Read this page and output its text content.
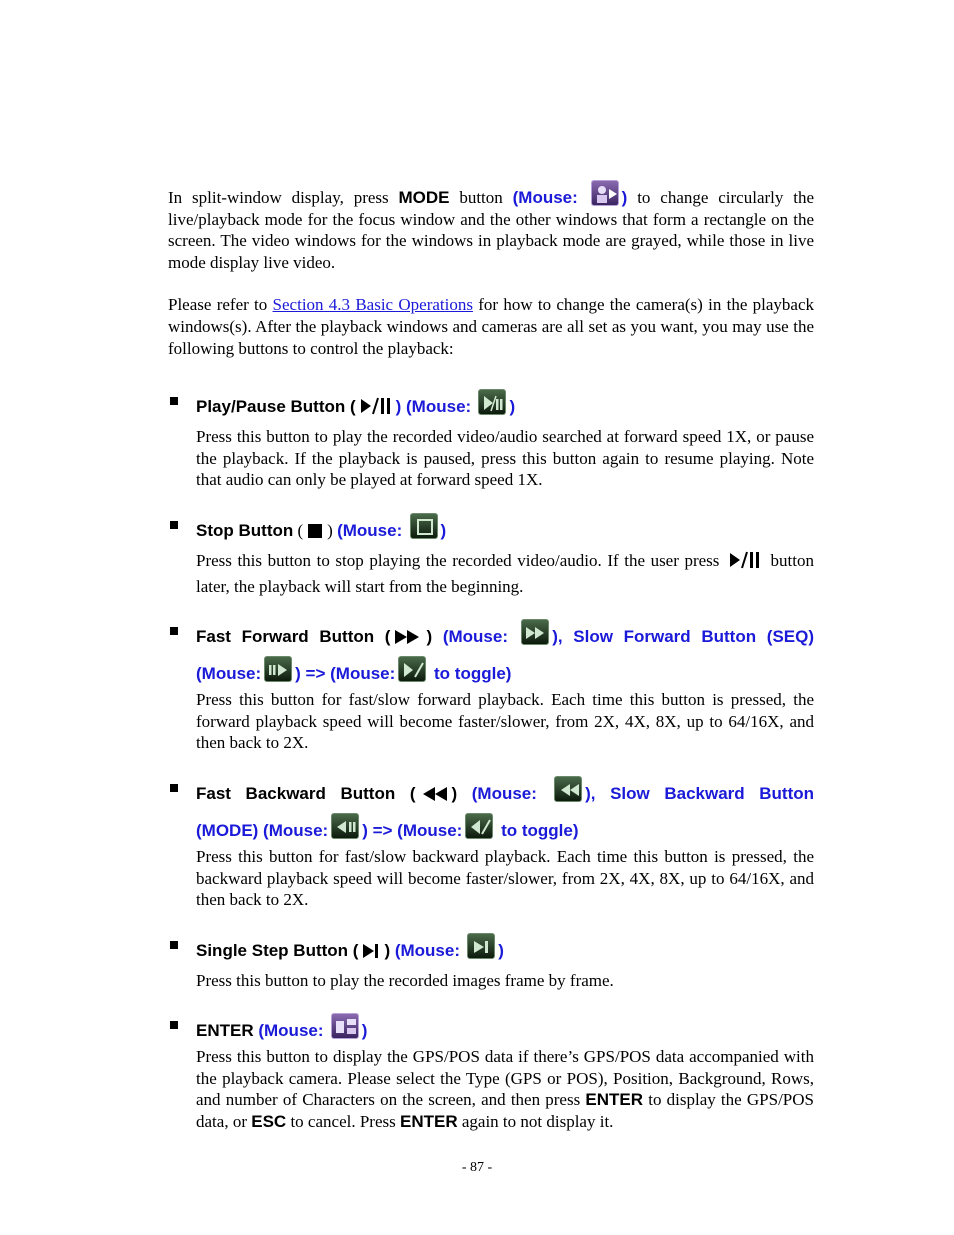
In split-window display, press MODE button (Mouse:	) to change circularly the live/playback mode for the focus window and the other windows that form a rectangle on the screen. The video windows for the windows in playback mode are grayed, while those in live mode display live video.

Please refer to Section 4.3 Basic Operations for how to change the camera(s) in the playback windows(s). After the playback windows and cameras are all set as you want, you may use the following buttons to control the playback:

Play/Pause Button ( ) (Mouse: )

Press this button to play the recorded video/audio searched at forward speed 1X, or pause the playback. If the playback is paused, press this button again to resume playing. Note that audio can only be played at forward speed 1X.

Stop Button ( ) (Mouse: )

Press this button to stop playing the recorded video/audio. If the user press  button later, the playback will start from the beginning.

Fast Forward Button ( ) (Mouse:	), Slow Forward Button (SEQ)
(Mouse: ) => (Mouse:
to toggle)

Press this button for fast/slow forward playback. Each time this button is pressed, the forward playback speed will become faster/slower, from 2X, 4X, 8X, up to 64/16X, and then back to 2X.

Fast Backward Button ( ) (Mouse:	), Slow Backward Button
(MODE) (Mouse: ) => (Mouse:
to toggle)

Press this button for fast/slow backward playback. Each time this button is pressed, the backward playback speed will become faster/slower, from 2X, 4X, 8X, up to 64/16X, and then back to 2X.

Single Step Button ( ) (Mouse: )

Press this button to play the recorded images frame by frame.

ENTER (Mouse: )

Press this button to display the GPS/POS data if there’s GPS/POS data accompanied with the playback camera. Please select the Type (GPS or POS), Position, Background, Rows, and number of Characters on the screen, and then press ENTER to display the GPS/POS data, or ESC to cancel. Press ENTER again to not display it.

- 87 -
